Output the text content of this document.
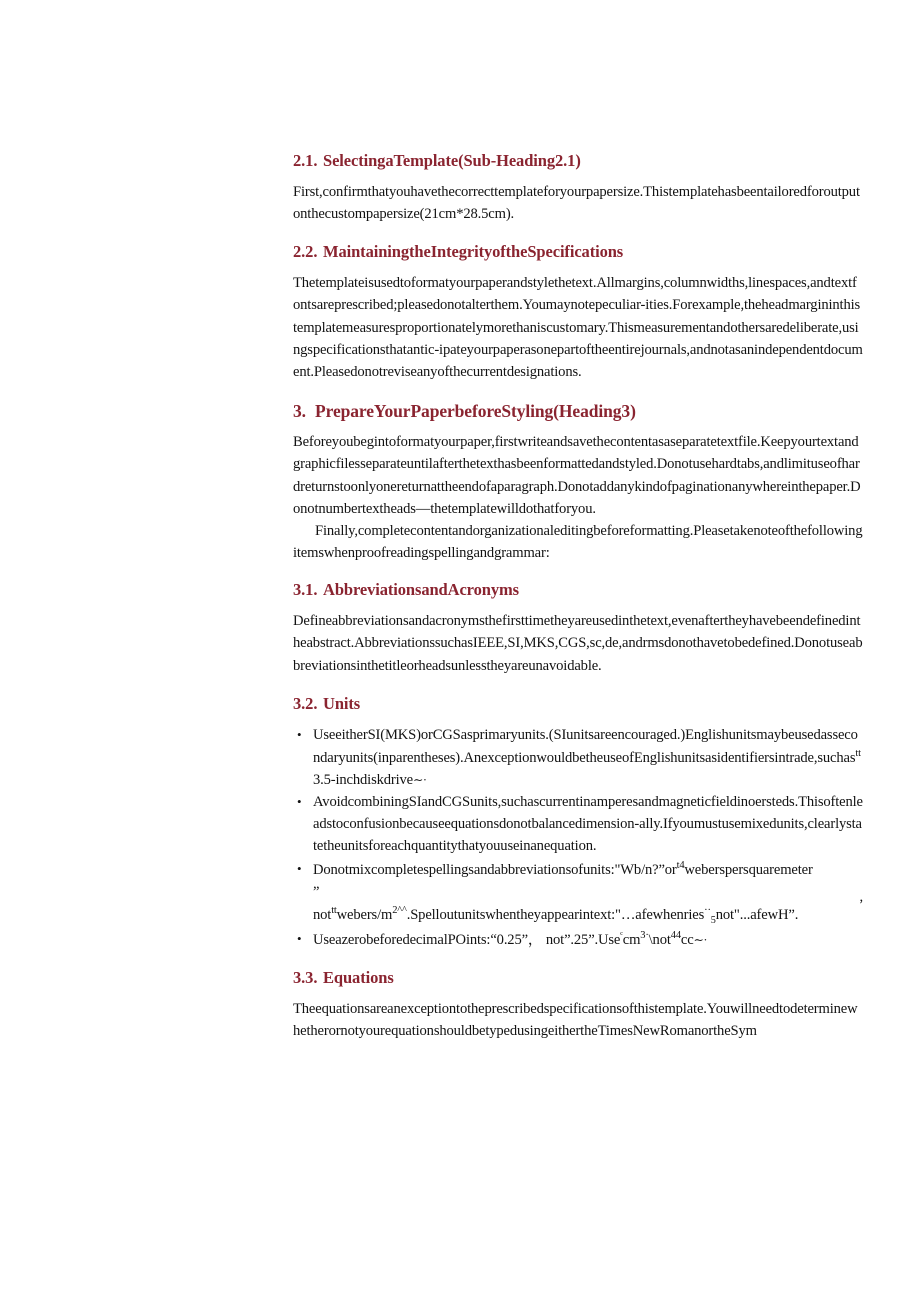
2.1. SelectingaTemplate(Sub-Heading2.1)

First,confirmthatyouhavethecorrecttemplateforyourpapersize.Thistemplatehasbeentailoredforoutputonthecustompapersize(21cm*28.5cm).

2.2. MaintainingtheIntegrityoftheSpecifications

Thetemplateisusedtoformatyourpaperandstylethetext.Allmargins,columnwidths,linespaces,andtextfontsareprescribed;pleasedonotalterthem.Youmaynotepeculiar-ities.Forexample,theheadmargininthistemplatemeasuresproportionatelymorethaniscustomary.Thismeasurementandothersaredeliberate,usingspecificationsthatantic-ipateyourpaperasonepartoftheentirejournals,andnotasanindependentdocument.Pleasedonotreviseanyofthecurrentdesignations.

3. PrepareYourPaperbeforeStyling(Heading3)

Beforeyoubegintoformatyourpaper,firstwriteandsavethecontentasaseparatetextfile.Keepyourtextandgraphicfilesseparateuntilafterthetexthasbeenformattedandstyled.Donotusehardtabs,andlimituseofhardreturnstoonlyonereturnattheendofaparagraph.Donotaddanykindofpaginationanywhereinthepaper.Donotnumbertextheads—thetemplatewilldothatforyou.

Finally,completecontentandorganizationaleditingbeforeformatting.Pleasetakenoteofthefollowingitemswhenproofreadingspellingandgrammar:

3.1. AbbreviationsandAcronyms

Defineabbreviationsandacronymsthefirsttimetheyareusedinthetext,evenaftertheyhavebeendefinedintheabstract.AbbreviationssuchasIEEE,SI,MKS,CGS,sc,de,andrmsdonothavetobedefined.Donotuseabbreviationsinthetitleorheadsunlesstheyareunavoidable.

3.2. Units
• UseeitherSI(MKS)orCGSasprimaryunits.(SIunitsareencouraged.)Englishunitsmaybeusedassecondaryunits(inparentheses).AnexceptionwouldbetheuseofEnglishunitsasidentifiersintrade,suchas$^{tt}$3.5-inchdiskdrive∼·
• AvoidcombiningSIandCGSunits,suchascurrentinamperesandmagneticfieldinoersteds.Thisoftenleadstoconfusionbecauseequationsdonotbalancedimension-ally.Ifyoumustusemixedunits,clearlystatetheunitsforeachquantitythatyouuseinanequation.
• $Donotmixcompletespellingsandabbreviationsofunits:"Wb/n?”or^{t4}weberspersquaremeter$
”	,
$not^{tt}webers/m^{2\^{}\^{}}.Spelloutunitswhentheyappearintext:"\dots afewhenries^{\cdot\cdot}_5not"...afewH$”.
• UseazerobeforedecimalPOints:“0.25”， $not”.25”.Use^ᶜcm^{3\cdot}\backslash not^{44}cc\sim\cdot$
3.3. Equations

Theequationsareanexceptiontotheprescribedspecificationsofthistemplate.YouwillneedtodeterminewhetherornotyourequationshouldbetypedusingeithertheTimesNewRomanortheSym
